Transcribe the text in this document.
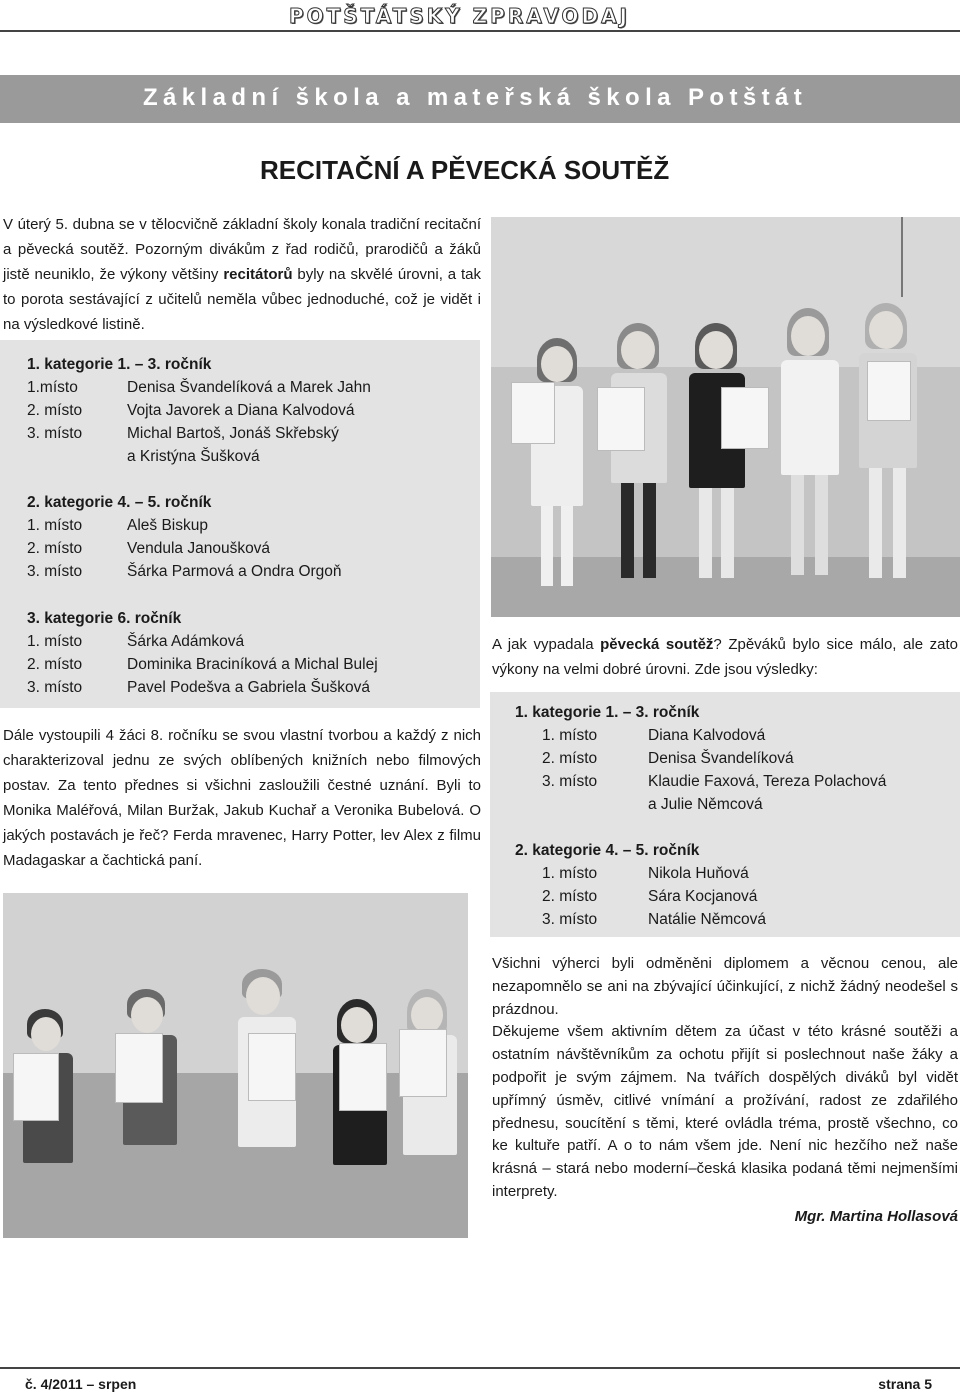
POTŠTÁTSKÝ ZPRAVODAJ
Základní škola a mateřská škola Potštát
RECITAČNÍ A PĚVECKÁ SOUTĚŽ
V úterý 5. dubna se v tělocvičně základní školy konala tradiční recitační a pěvecká soutěž. Pozorným divákům z řad rodičů, prarodičů a žáků jistě neuniklo, že výkony většiny recitátorů byly na skvělé úrovni, a tak to porota sestávající z učitelů neměla vůbec jednoduché, což je vidět i na výsledkové listině.
1. kategorie 1. – 3. ročník
1.místo	Denisa Švandelíková a Marek Jahn
2. místo	Vojta Javorek a Diana Kalvodová
3. místo	Michal Bartoš, Jonáš Skřebský
a Kristýna Šušková
2. kategorie 4. – 5. ročník
1. místo	Aleš Biskup
2. místo	Vendula Janoušková
3. místo	Šárka Parmová a Ondra Orgoň
3. kategorie 6. ročník
1. místo	Šárka Adámková
2. místo	Dominika Braciníková a Michal Bulej
3. místo	Pavel Podešva a Gabriela Šušková
Dále vystoupili 4 žáci 8. ročníku se svou vlastní tvorbou a každý z nich charakterizoval jednu ze svých oblíbených knižních nebo filmových postav. Za tento přednes si všichni zasloužili čestné uznání. Byli to Monika Maléřová, Milan Buržak, Jakub Kuchař a Veronika Bubelová. O jakých postavách je řeč? Ferda mravenec, Harry Potter, lev Alex z filmu Madagaskar a čachtická paní.
A jak vypadala pěvecká soutěž? Zpěváků bylo sice málo, ale zato výkony na velmi dobré úrovni. Zde jsou výsledky:
1. kategorie 1. – 3. ročník
1. místo	Diana Kalvodová
2. místo	Denisa Švandelíková
3. místo	Klaudie Faxová, Tereza Polachová
a Julie Němcová
2. kategorie 4. – 5. ročník
1. místo	Nikola Huňová
2. místo	Sára Kocjanová
3. místo	Natálie Němcová
Všichni výherci byli odměněni diplomem a věcnou cenou, ale nezapomnělo se ani na zbývající účinkující, z nichž žádný neodešel s prázdnou.
Děkujeme všem aktivním dětem za účast v této krásné soutěži a ostatním návštěvníkům za ochotu přijít si poslechnout naše žáky a podpořit je svým zájmem. Na tvářích dospělých diváků byl vidět upřímný úsměv, citlivé vnímání a prožívání, radost ze zdařilého přednesu, soucítění s těmi, které ovládla tréma, prostě všechno, co ke kultuře patří. A o to nám všem jde. Není nic hezčího než naše krásná – stará nebo moderní–česká klasika podaná těmi nejmenšími interprety.
Mgr. Martina Hollasová
č. 4/2011 – srpen	strana 5
